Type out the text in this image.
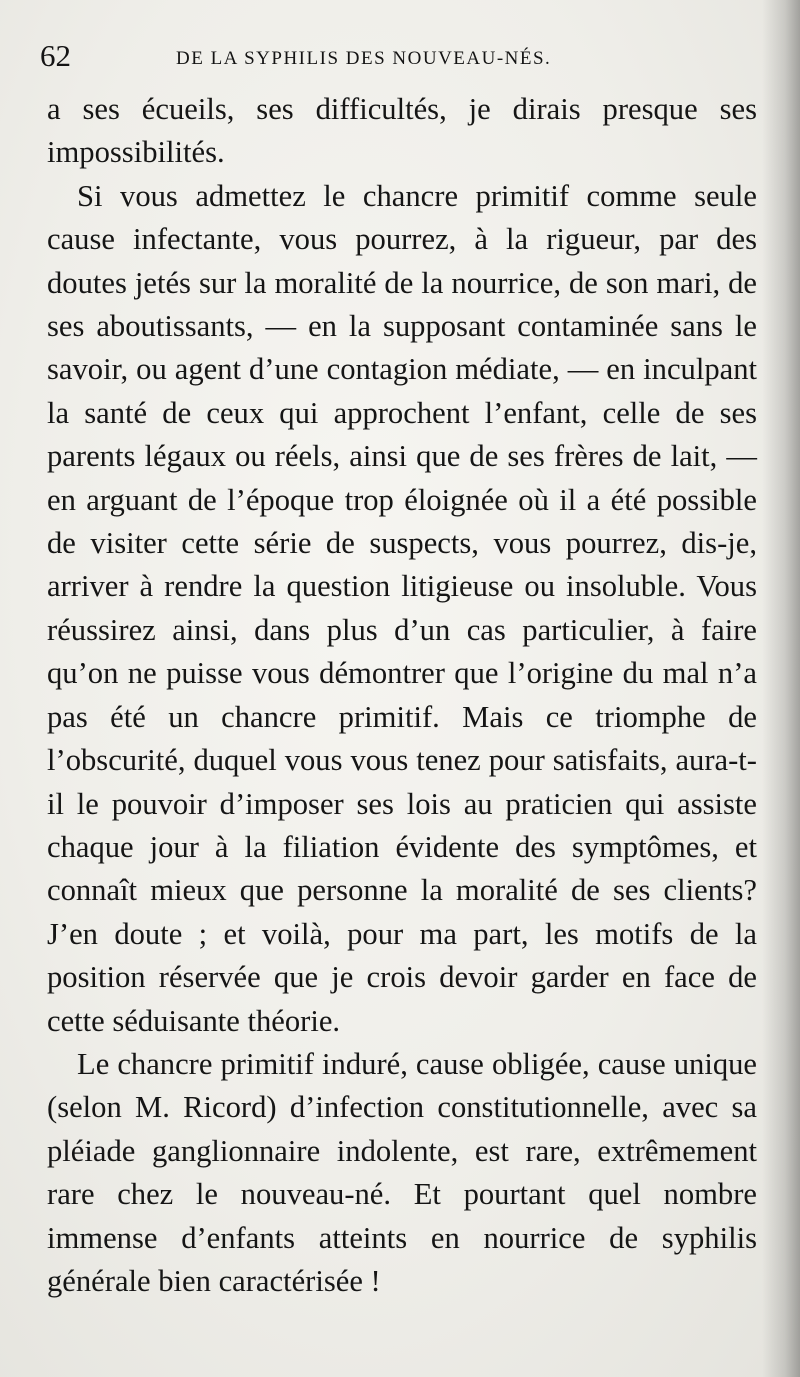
62	DE LA SYPHILIS DES NOUVEAU-NÉS.

a ses écueils, ses difficultés, je dirais presque ses impossibilités.

Si vous admettez le chancre primitif comme seule cause infectante, vous pourrez, à la rigueur, par des doutes jetés sur la moralité de la nourrice, de son mari, de ses aboutissants, — en la supposant contaminée sans le savoir, ou agent d’une contagion médiate, — en inculpant la santé de ceux qui approchent l’enfant, celle de ses parents légaux ou réels, ainsi que de ses frères de lait, — en arguant de l’époque trop éloignée où il a été possible de visiter cette série de suspects, vous pourrez, dis-je, arriver à rendre la question litigieuse ou insoluble. Vous réussirez ainsi, dans plus d’un cas particulier, à faire qu’on ne puisse vous démontrer que l’origine du mal n’a pas été un chancre primitif. Mais ce triomphe de l’obscurité, duquel vous vous tenez pour satisfaits, aura-t-il le pouvoir d’imposer ses lois au praticien qui assiste chaque jour à la filiation évidente des symptômes, et connaît mieux que personne la moralité de ses clients? J’en doute ; et voilà, pour ma part, les motifs de la position réservée que je crois devoir garder en face de cette séduisante théorie.

Le chancre primitif induré, cause obligée, cause unique (selon M. Ricord) d’infection constitutionnelle, avec sa pléiade ganglionnaire indolente, est rare, extrêmement rare chez le nouveau-né. Et pourtant quel nombre immense d’enfants atteints en nourrice de syphilis générale bien caractérisée !
